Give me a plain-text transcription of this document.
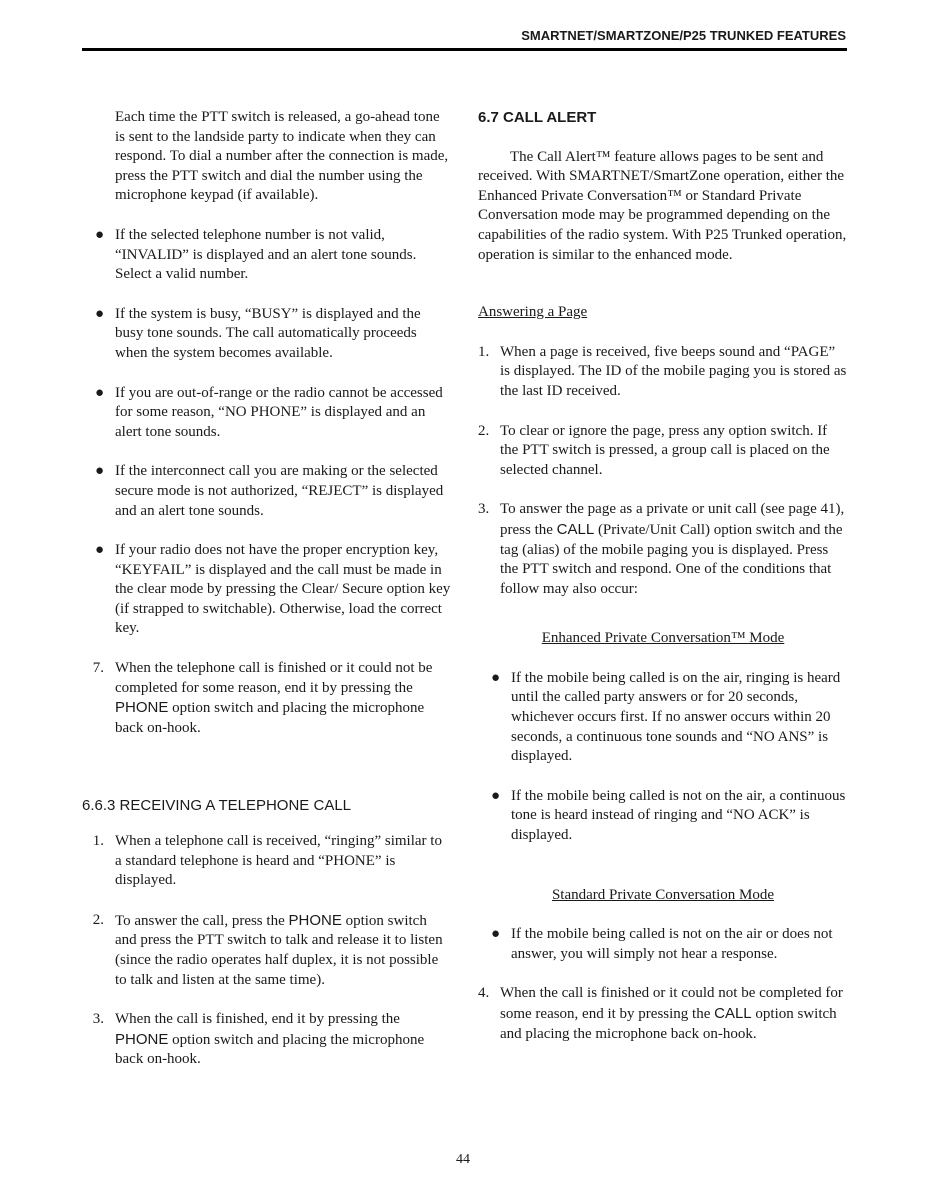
SMARTNET/SMARTZONE/P25 TRUNKED FEATURES

Each time the PTT switch is released, a go-ahead tone is sent to the landside party to indicate when they can respond. To dial a number after the connection is made, press the PTT switch and dial the number using the microphone keypad (if available).

● If the selected telephone number is not valid, “INVALID” is displayed and an alert tone sounds. Select a valid number.
● If the system is busy, “BUSY” is displayed and the busy tone sounds. The call automatically proceeds when the system becomes available.
● If you are out-of-range or the radio cannot be accessed for some reason, “NO PHONE” is displayed and an alert tone sounds.
● If the interconnect call you are making or the selected secure mode is not authorized, “REJECT” is displayed and an alert tone sounds.
● If your radio does not have the proper encryption key, “KEYFAIL” is displayed and the call must be made in the clear mode by pressing the Clear/ Secure option key (if strapped to switchable). Otherwise, load the correct key.
7. When the telephone call is finished or it could not be completed for some reason, end it by pressing the PHONE option switch and placing the microphone back on-hook.

6.6.3 RECEIVING A TELEPHONE CALL

1. When a telephone call is received, “ringing” similar to a standard telephone is heard and “PHONE” is displayed.
2. To answer the call, press the PHONE option switch and press the PTT switch to talk and release it to listen (since the radio operates half duplex, it is not possible to talk and listen at the same time).
3. When the call is finished, end it by pressing the PHONE option switch and placing the microphone back on-hook.

6.7 CALL ALERT

The Call Alert™ feature allows pages to be sent and received. With SMARTNET/SmartZone operation, either the Enhanced Private Conversation™ or Standard Private Conversation mode may be programmed depending on the capabilities of the radio system. With P25 Trunked operation, operation is similar to the enhanced mode.

Answering a Page

1. When a page is received, five beeps sound and “PAGE” is displayed. The ID of the mobile paging you is stored as the last ID received.
2. To clear or ignore the page, press any option switch. If the PTT switch is pressed, a group call is placed on the selected channel.
3. To answer the page as a private or unit call (see page 41), press the CALL (Private/Unit Call) option switch and the tag (alias) of the mobile paging you is displayed. Press the PTT switch and respond. One of the conditions that follow may also occur:

Enhanced Private Conversation™ Mode

● If the mobile being called is on the air, ringing is heard until the called party answers or for 20 seconds, whichever occurs first. If no answer occurs within 20 seconds, a continuous tone sounds and “NO ANS” is displayed.
● If the mobile being called is not on the air, a continuous tone is heard instead of ringing and “NO ACK” is displayed.

Standard Private Conversation Mode

● If the mobile being called is not on the air or does not answer, you will simply not hear a response.
4. When the call is finished or it could not be completed for some reason, end it by pressing the CALL option switch and placing the microphone back on-hook.
44
